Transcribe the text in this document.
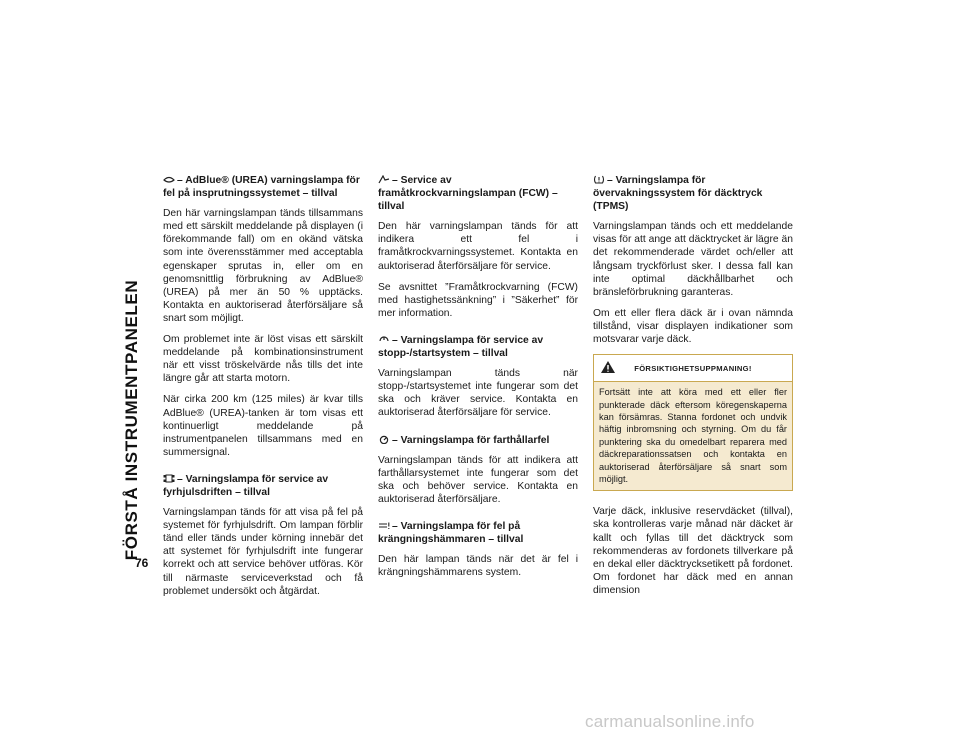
FÖRSTÅ INSTRUMENTPANELEN
76
– AdBlue® (UREA) varningslampa för fel på insprutningssystemet – tillval
Den här varningslampan tänds tillsammans med ett särskilt meddelande på displayen (i förekommande fall) om en okänd vätska som inte överensstämmer med acceptabla egenskaper sprutas in, eller om en genomsnittlig förbrukning av AdBlue® (UREA) på mer än 50 % upptäcks. Kontakta en auktoriserad återförsäljare så snart som möjligt.
Om problemet inte är löst visas ett särskilt meddelande på kombinationsinstrument när ett visst tröskelvärde nås tills det inte längre går att starta motorn.
När cirka 200 km (125 miles) är kvar tills AdBlue® (UREA)-tanken är tom visas ett kontinuerligt meddelande på instrumentpanelen tillsammans med en summersignal.
– Varningslampa för service av fyrhjulsdriften – tillval
Varningslampan tänds för att visa på fel på systemet för fyrhjulsdrift. Om lampan förblir tänd eller tänds under körning innebär det att systemet för fyrhjulsdrift inte fungerar korrekt och att service behöver utföras. Kör till närmaste serviceverkstad och få problemet undersökt och åtgärdat.
– Service av framåtkrockvarningslampan (FCW) – tillval
Den här varningslampan tänds för att indikera ett fel i framåtkrockvarningssystemet. Kontakta en auktoriserad återförsäljare för service.
Se avsnittet ”Framåtkrockvarning (FCW) med hastighetssänkning” i ”Säkerhet” för mer information.
– Varningslampa för service av stopp-/startsystem – tillval
Varningslampan tänds när stopp-/startsystemet inte fungerar som det ska och kräver service. Kontakta en auktoriserad återförsäljare för service.
– Varningslampa för farthållarfel
Varningslampan tänds för att indikera att farthållarsystemet inte fungerar som det ska och behöver service. Kontakta en auktoriserad återförsäljare.
– Varningslampa för fel på krängningshämmaren – tillval
Den här lampan tänds när det är fel i krängningshämmarens system.
– Varningslampa för övervakningssystem för däcktryck (TPMS)
Varningslampan tänds och ett meddelande visas för att ange att däcktrycket är lägre än det rekommenderade värdet och/eller att långsam tryckförlust sker. I dessa fall kan inte optimal däckhållbarhet och bränsleförbrukning garanteras.
Om ett eller flera däck är i ovan nämnda tillstånd, visar displayen indikationer som motsvarar varje däck.
FÖRSIKTIGHETSUPPMANING!
Fortsätt inte att köra med ett eller fler punkterade däck eftersom köregenskaperna kan försämras. Stanna fordonet och undvik häftig inbromsning och styrning. Om du får punktering ska du omedelbart reparera med däckreparationssatsen och kontakta en auktoriserad återförsäljare så snart som möjligt.
Varje däck, inklusive reservdäcket (tillval), ska kontrolleras varje månad när däcket är kallt och fyllas till det däcktryck som rekommenderas av fordonets tillverkare på en dekal eller däcktrycksetikett på fordonet. Om fordonet har däck med en annan dimension
carmanualsonline.info
